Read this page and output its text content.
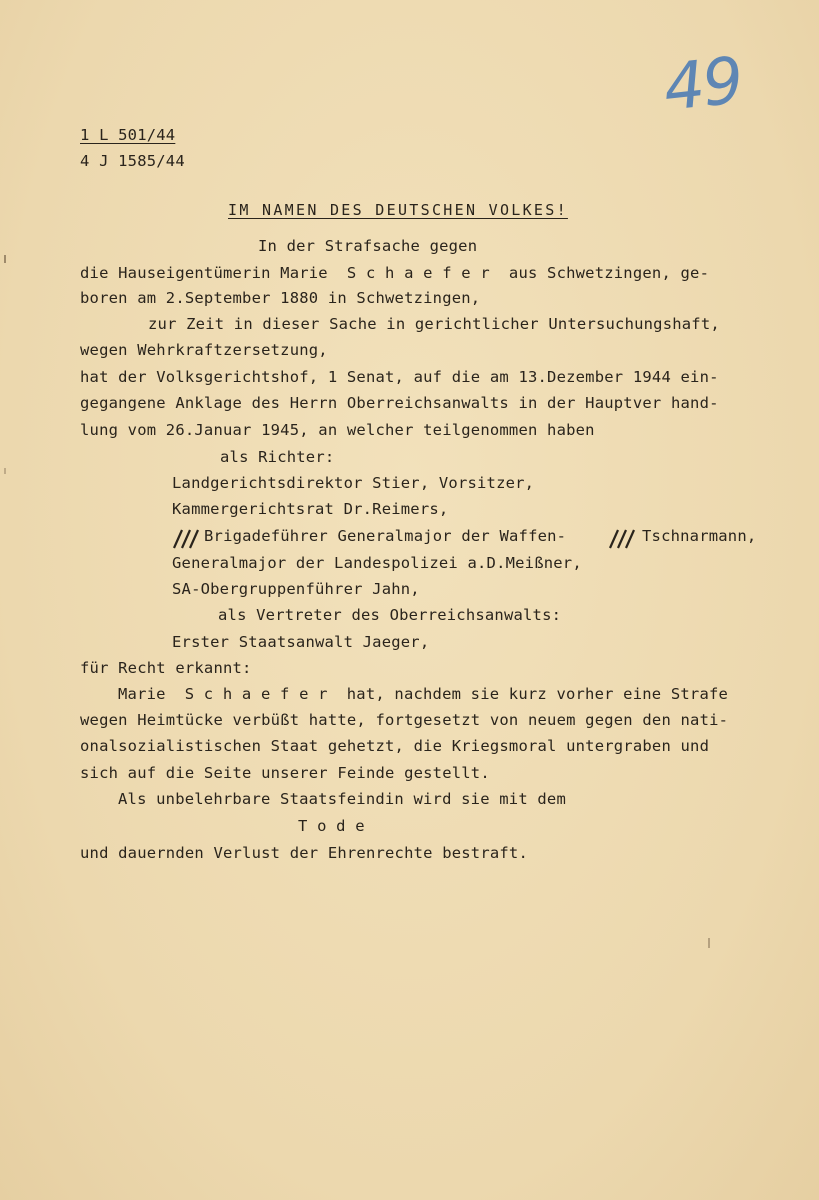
49
1 L 501/44
4 J 1585/44
IM NAMEN DES DEUTSCHEN VOLKES!
In der Strafsache gegen
die Hauseigentümerin Marie  S c h a e f e r  aus Schwetzingen, ge-
boren am 2.September 1880 in Schwetzingen,
zur Zeit in dieser Sache in gerichtlicher Untersuchungshaft,
wegen Wehrkraftzersetzung,
hat der Volksgerichtshof, 1 Senat, auf die am 13.Dezember 1944 ein-
gegangene Anklage des Herrn Oberreichsanwalts in der Hauptver hand-
lung vom 26.Januar 1945, an welcher teilgenommen haben
als Richter:
Landgerichtsdirektor Stier, Vorsitzer,
Kammergerichtsrat Dr.Reimers,
Brigadeführer Generalmajor der Waffen-	Tschnarmann,
Generalmajor der Landespolizei a.D.Meißner,
SA-Obergruppenführer Jahn,
als Vertreter des Oberreichsanwalts:
Erster Staatsanwalt Jaeger,
für Recht erkannt:
Marie  S c h a e f e r  hat, nachdem sie kurz vorher eine Strafe
wegen Heimtücke verbüßt hatte, fortgesetzt von neuem gegen den nati-
onalsozialistischen Staat gehetzt, die Kriegsmoral untergraben und
sich auf die Seite unserer Feinde gestellt.
Als unbelehrbare Staatsfeindin wird sie mit dem
T o d e
und dauernden Verlust der Ehrenrechte bestraft.
